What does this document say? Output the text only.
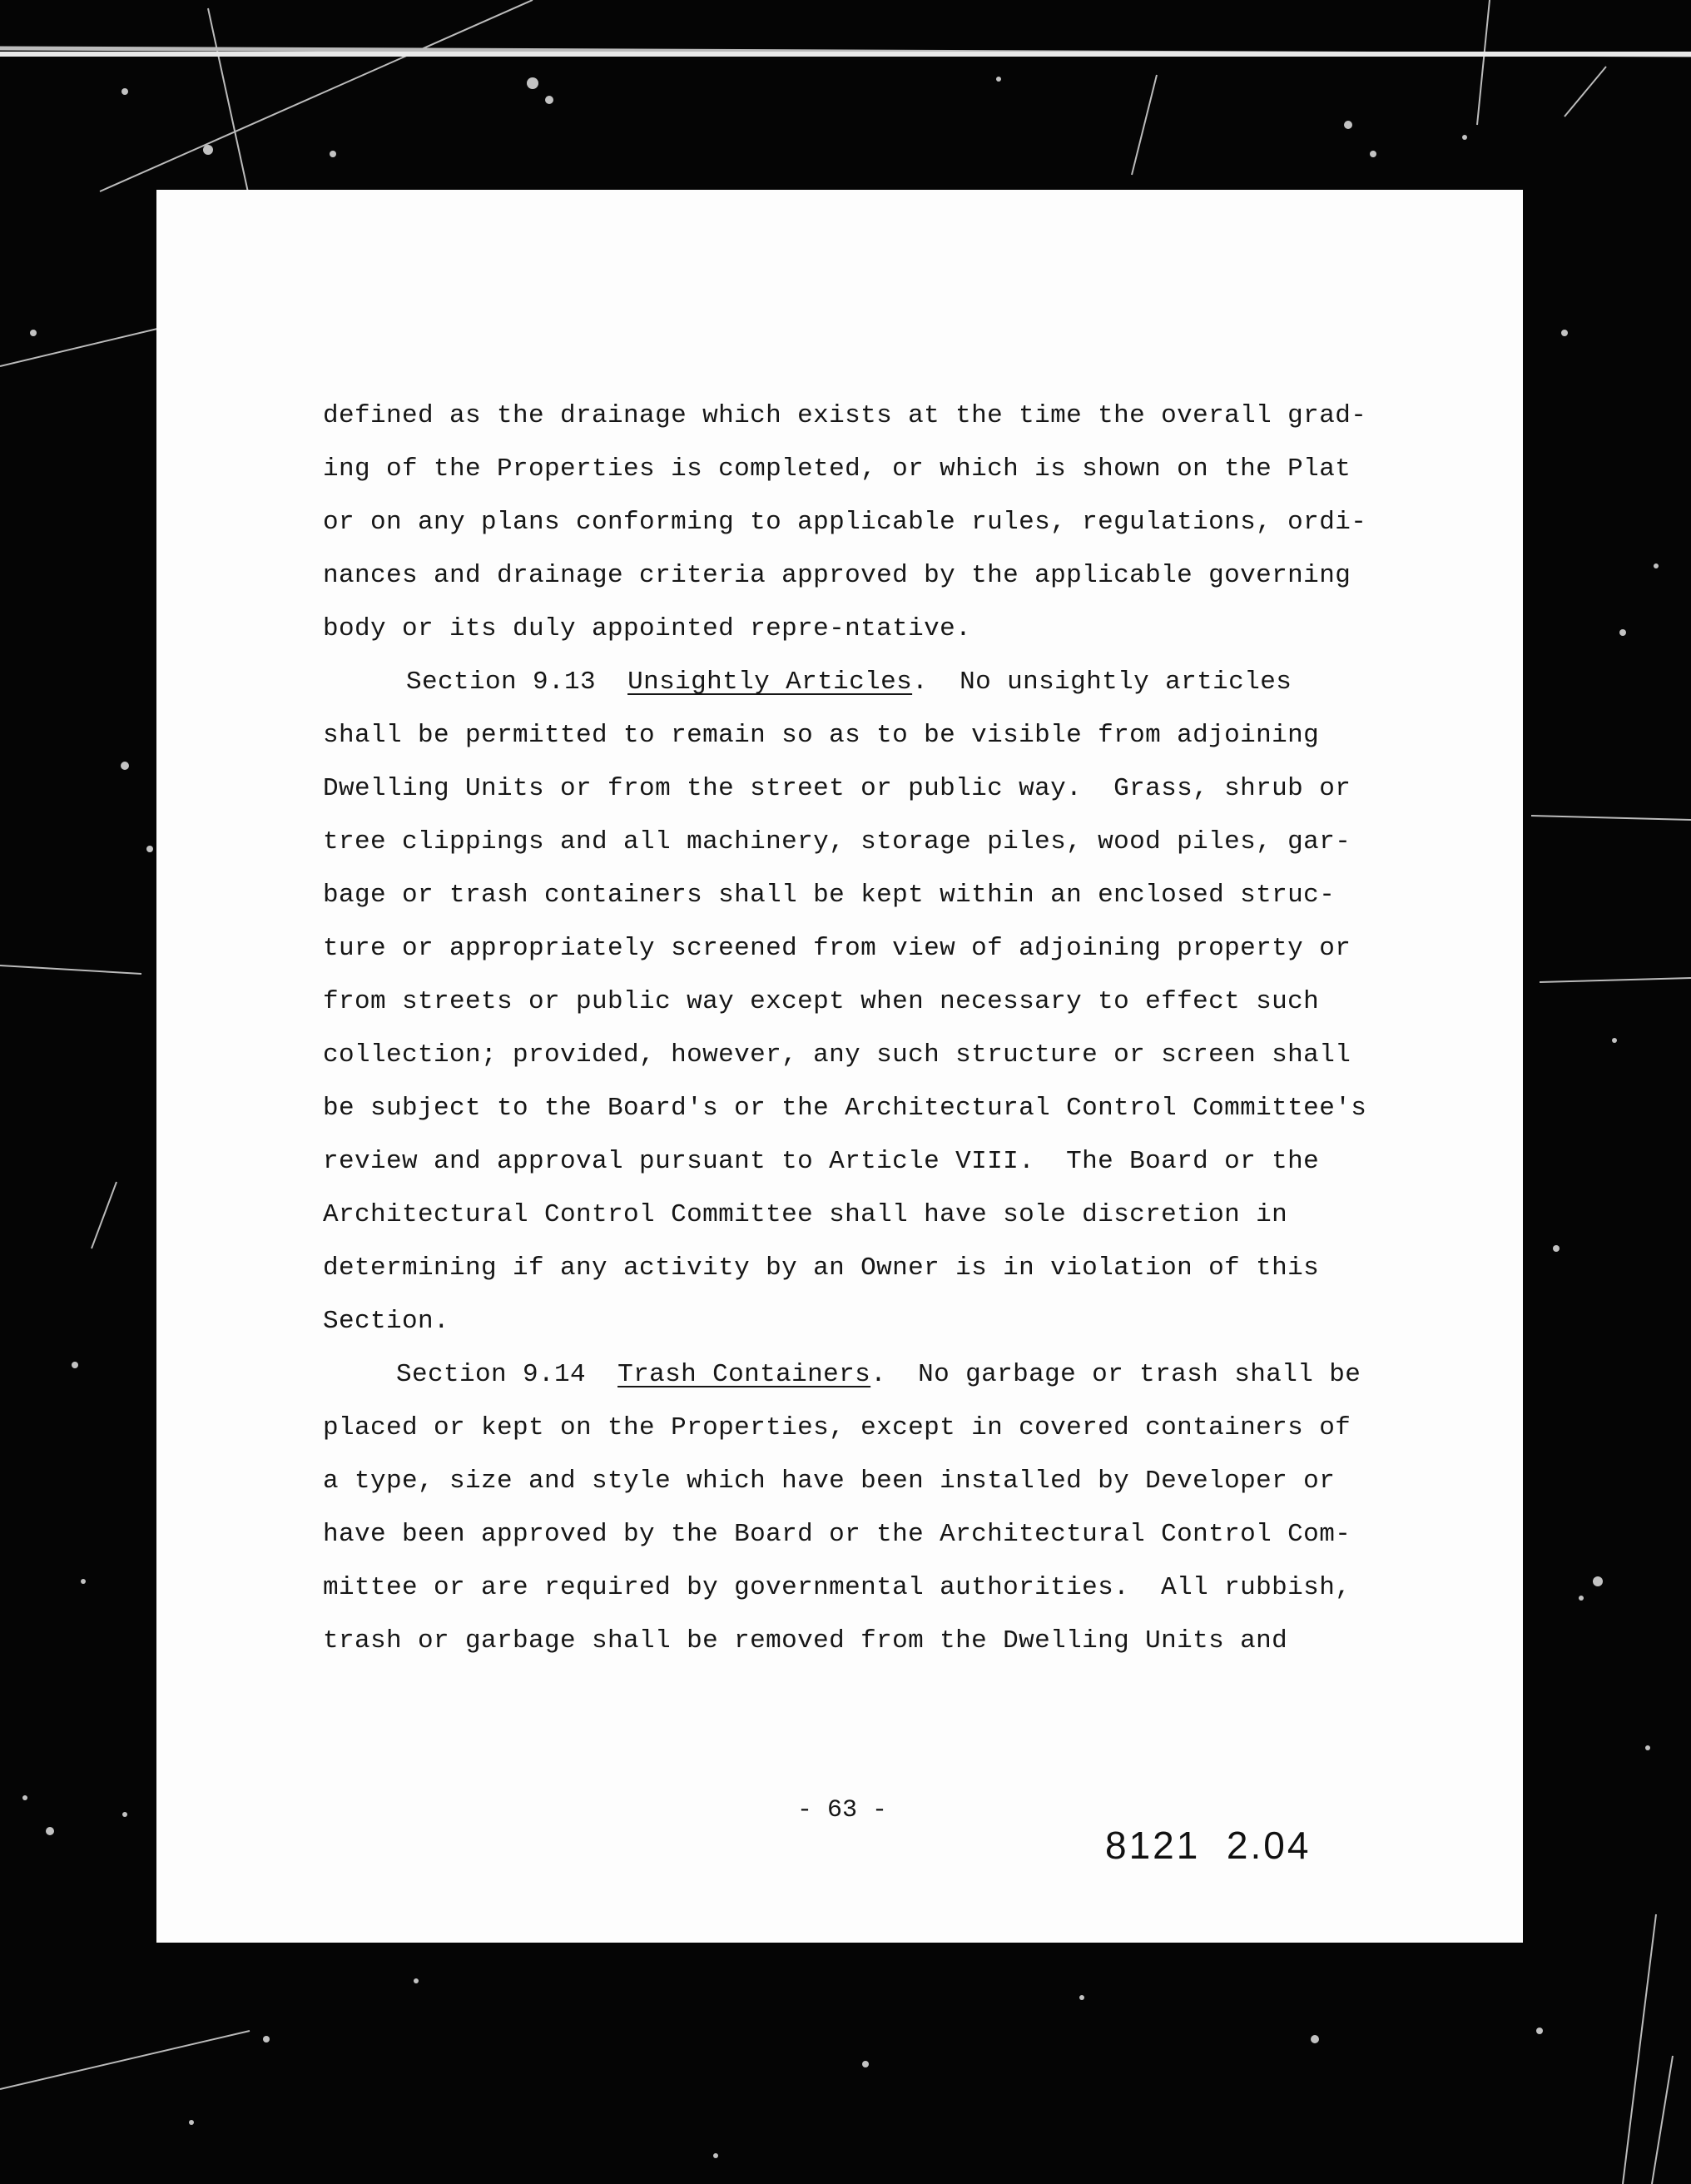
defined as the drainage which exists at the time the overall grad-
ing of the Properties is completed, or which is shown on the Plat
or on any plans conforming to applicable rules, regulations, ordi-
nances and drainage criteria approved by the applicable governing
body or its duly appointed repre-ntative.
Section 9.13 Unsightly Articles.  No unsightly articles
shall be permitted to remain so as to be visible from adjoining
Dwelling Units or from the street or public way.  Grass, shrub or
tree clippings and all machinery, storage piles, wood piles, gar-
bage or trash containers shall be kept within an enclosed struc-
ture or appropriately screened from view of adjoining property or
from streets or public way except when necessary to effect such
collection; provided, however, any such structure or screen shall
be subject to the Board's or the Architectural Control Committee's
review and approval pursuant to Article VIII.  The Board or the
Architectural Control Committee shall have sole discretion in
determining if any activity by an Owner is in violation of this
Section.
Section 9.14 Trash Containers.  No garbage or trash shall be
placed or kept on the Properties, except in covered containers of
a type, size and style which have been installed by Developer or
have been approved by the Board or the Architectural Control Com-
mittee or are required by governmental authorities.  All rubbish,
trash or garbage shall be removed from the Dwelling Units and
- 63 -
8121  2.04
